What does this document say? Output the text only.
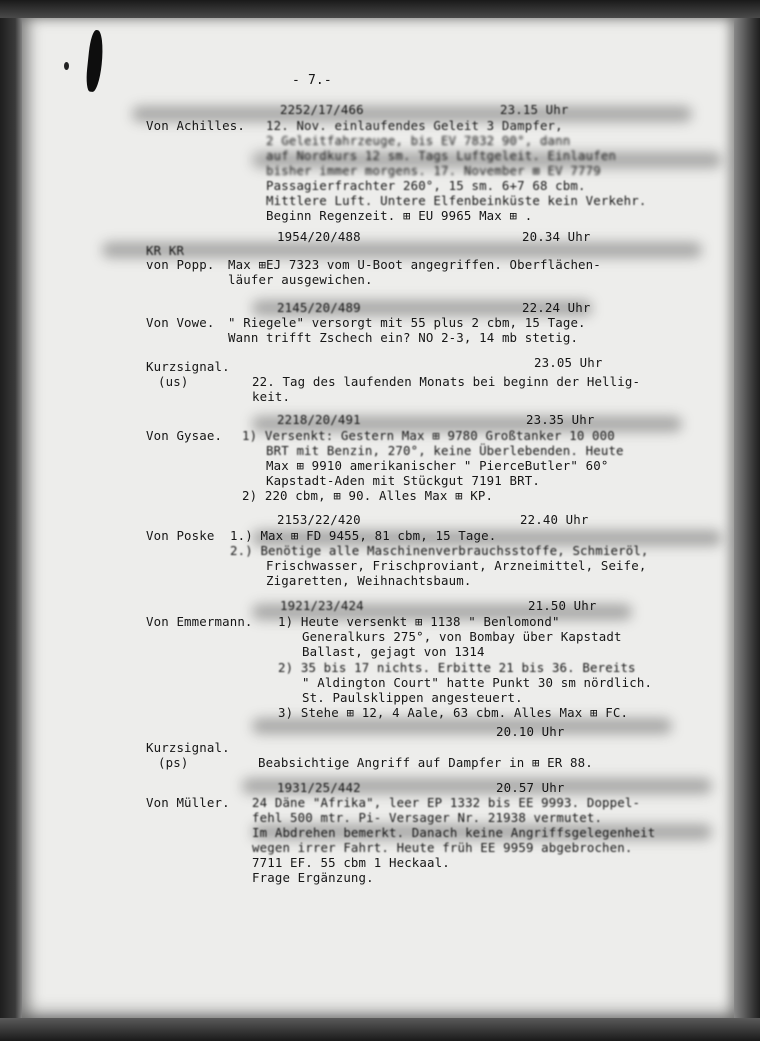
- 7.-
2252/17/466	23.15 Uhr
Von Achilles. 12. Nov. einlaufendes Geleit 3 Dampfer,
2 Geleitfahrzeuge, bis EV 7832 90°, dann
auf Nordkurs 12 sm. Tags Luftgeleit. Einlaufen
bisher immer morgens. 17. November ⊞ EV 7779
Passagierfrachter 260°, 15 sm. 6+7 68 cbm.
Mittlere Luft. Untere Elfenbeinküste kein Verkehr.
Beginn Regenzeit. ⊞ EU 9965 Max ⊞ .
1954/20/488	20.34 Uhr
KR KR
von Popp. Max ⊞EJ 7323 vom U-Boot angegriffen. Oberflächen-
läufer ausgewichen.
2145/20/489	22.24 Uhr
Von Vowe. " Riegele" versorgt mit 55 plus 2 cbm, 15 Tage.
Wann trifft Zschech ein? NO 2-3, 14 mb stetig.
23.05 Uhr
Kurzsignal.
(us)	22. Tag des laufenden Monats bei beginn der Hellig-
keit.
2218/20/491	23.35 Uhr
Von Gysae. 1) Versenkt: Gestern Max ⊞ 9780 Großtanker 10 000
BRT mit Benzin, 270°, keine Überlebenden. Heute
Max ⊞ 9910 amerikanischer " PierceButler" 60°
Kapstadt-Aden mit Stückgut 7191 BRT.
2) 220 cbm, ⊞ 90. Alles Max ⊞ KP.
2153/22/420	22.40 Uhr
Von Poske 1.) Max ⊞ FD 9455, 81 cbm, 15 Tage.
2.) Benötige alle Maschinenverbrauchsstoffe, Schmieröl,
Frischwasser, Frischproviant, Arzneimittel, Seife,
Zigaretten, Weihnachtsbaum.
1921/23/424	21.50 Uhr
Von Emmermann. 1) Heute versenkt ⊞ 1138 " Benlomond"
Generalkurs 275°, von Bombay über Kapstadt
Ballast, gejagt von 1314
2) 35 bis 17 nichts. Erbitte 21 bis 36. Bereits
" Aldington Court" hatte Punkt 30 sm nördlich.
St. Paulsklippen angesteuert.
3) Stehe ⊞ 12, 4 Aale, 63 cbm. Alles Max ⊞ FC.
20.10 Uhr
Kurzsignal.
(ps)	Beabsichtige Angriff auf Dampfer in ⊞ ER 88.
1931/25/442	20.57 Uhr
Von Müller. 24 Däne "Afrika", leer EP 1332 bis EE 9993. Doppel-
fehl 500 mtr. Pi- Versager Nr. 21938 vermutet.
Im Abdrehen bemerkt. Danach keine Angriffsgelegenheit
wegen irrer Fahrt. Heute früh EE 9959 abgebrochen.
7711 EF. 55 cbm 1 Heckaal.
Frage Ergänzung.
